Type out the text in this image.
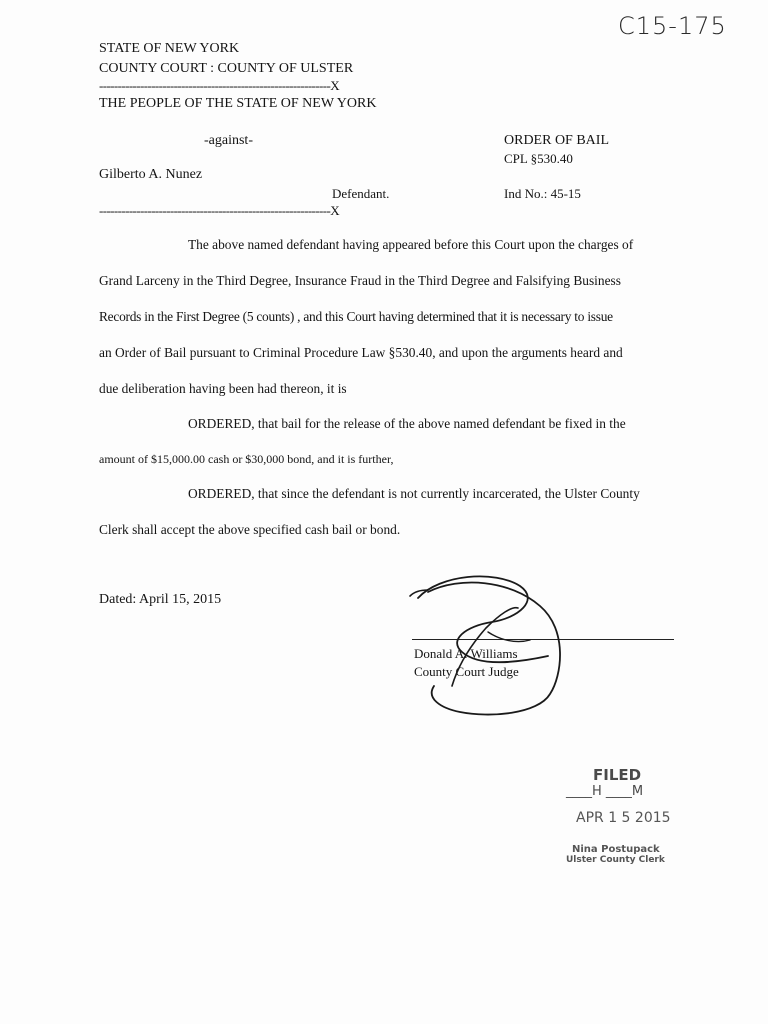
C15-175
STATE OF NEW YORK
COUNTY COURT : COUNTY OF ULSTER
--------------------------------------------------------------X
THE PEOPLE OF THE STATE OF NEW YORK
-against-
Gilberto A. Nunez
Defendant.
--------------------------------------------------------------X
ORDER OF BAIL
CPL §530.40
Ind No.: 45-15
The above named defendant having appeared before this Court upon the charges of
Grand Larceny in the Third Degree, Insurance Fraud in the Third Degree and Falsifying Business
Records in the First Degree (5 counts) , and this Court having determined that it is necessary to issue
an Order of Bail pursuant to Criminal Procedure Law §530.40, and upon the arguments heard and
due deliberation having been had thereon, it is
ORDERED, that bail for the release of the above named defendant be fixed in the
amount of $15,000.00 cash or $30,000 bond, and it is further,
ORDERED, that since the defendant is not currently incarcerated, the Ulster County
Clerk shall accept the above specified cash bail or bond.
Dated: April 15, 2015
Donald A. Williams
County Court Judge
FILED
____H ____M
APR 1 5 2015
Nina Postupack
Ulster County Clerk
